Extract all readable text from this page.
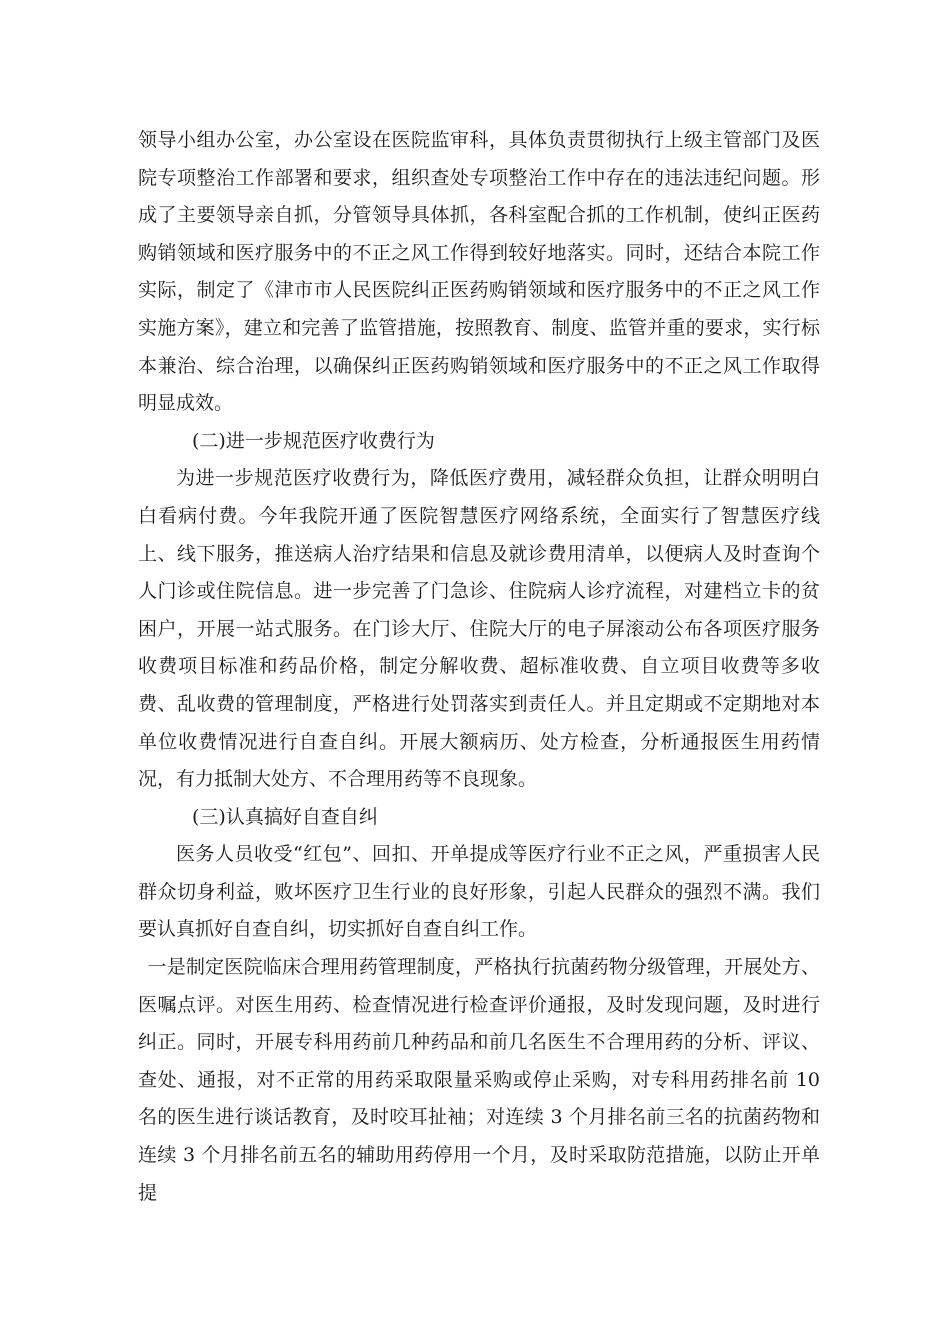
领导小组办公室，办公室设在医院监审科，具体负责贯彻执行上级主管部门及医院专项整治工作部署和要求，组织查处专项整治工作中存在的违法违纪问题。形成了主要领导亲自抓，分管领导具体抓，各科室配合抓的工作机制，使纠正医药购销领域和医疗服务中的不正之风工作得到较好地落实。同时，还结合本院工作实际，制定了《津市市人民医院纠正医药购销领域和医疗服务中的不正之风工作实施方案》，建立和完善了监管措施，按照教育、制度、监管并重的要求，实行标本兼治、综合治理，以确保纠正医药购销领域和医疗服务中的不正之风工作取得明显成效。

(二)进一步规范医疗收费行为

为进一步规范医疗收费行为，降低医疗费用，减轻群众负担，让群众明明白白看病付费。今年我院开通了医院智慧医疗网络系统，全面实行了智慧医疗线上、线下服务，推送病人治疗结果和信息及就诊费用清单，以便病人及时查询个人门诊或住院信息。进一步完善了门急诊、住院病人诊疗流程，对建档立卡的贫困户，开展一站式服务。在门诊大厅、住院大厅的电子屏滚动公布各项医疗服务收费项目标准和药品价格，制定分解收费、超标准收费、自立项目收费等多收费、乱收费的管理制度，严格进行处罚落实到责任人。并且定期或不定期地对本单位收费情况进行自查自纠。开展大额病历、处方检查，分析通报医生用药情况，有力抵制大处方、不合理用药等不良现象。

(三)认真搞好自查自纠

医务人员收受“红包”、回扣、开单提成等医疗行业不正之风，严重损害人民群众切身利益，败坏医疗卫生行业的良好形象，引起人民群众的强烈不满。我们要认真抓好自查自纠，切实抓好自查自纠工作。

一是制定医院临床合理用药管理制度，严格执行抗菌药物分级管理，开展处方、医嘱点评。对医生用药、检查情况进行检查评价通报，及时发现问题，及时进行纠正。同时，开展专科用药前几种药品和前几名医生不合理用药的分析、评议、查处、通报，对不正常的用药采取限量采购或停止采购，对专科用药排名前 10 名的医生进行谈话教育，及时咬耳扯袖；对连续 3 个月排名前三名的抗菌药物和连续 3 个月排名前五名的辅助用药停用一个月，及时采取防范措施，以防止开单提
